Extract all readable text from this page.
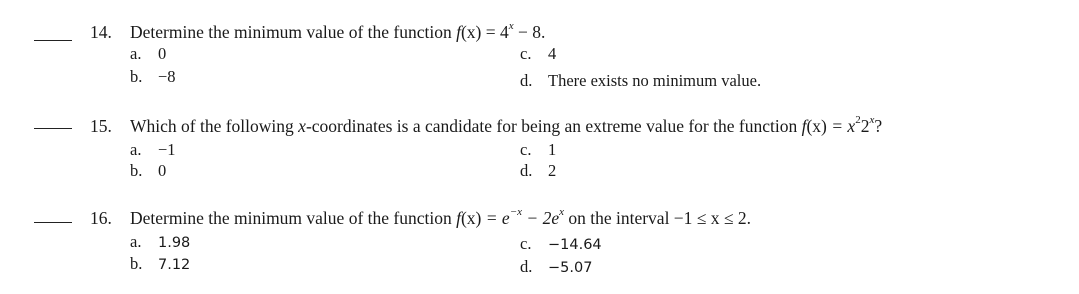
14. Determine the minimum value of the function $f(x) = 4^x - 8$.
a. 0
b. −8
c. 4
d. There exists no minimum value.
15. Which of the following x-coordinates is a candidate for being an extreme value for the function $f(x) = x^22^x$?
a. −1
b. 0
c. 1
d. 2
16. Determine the minimum value of the function $f(x) = e^{-x} - 2e^x$ on the interval −1 ≤ x ≤ 2.
a. 1.98
b. 7.12
c. −14.64
d. −5.07
